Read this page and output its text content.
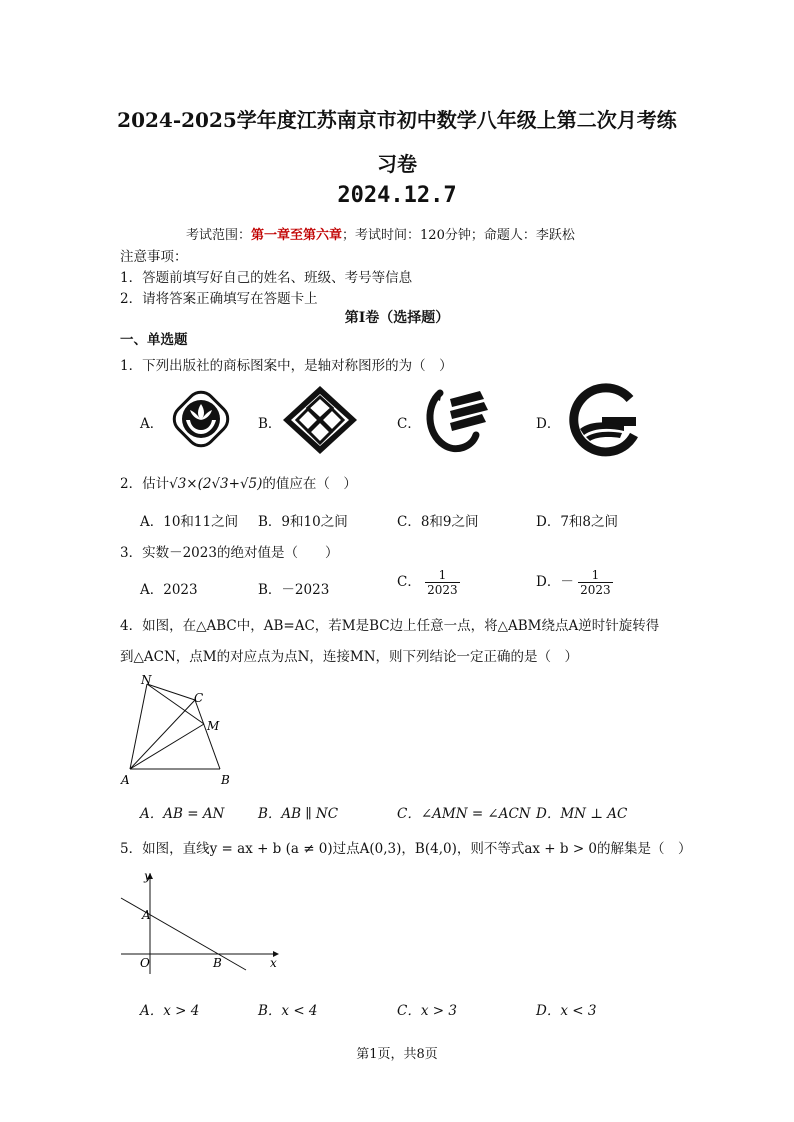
2024-2025学年度江苏南京市初中数学八年级上第二次月考练
习卷
2024.12.7
考试范围：第一章至第六章；考试时间：120分钟；命题人：李跃松
注意事项：
1．答题前填写好自己的姓名、班级、考号等信息
2．请将答案正确填写在答题卡上
第I卷（选择题）
一、单选题
1．下列出版社的商标图案中，是轴对称图形的为（　）
A．	B．	C．	D．
2．估计√3×(2√3+√5)的值应在（　）
A．10和11之间 B．9和10之间	C．8和9之间	D．7和8之间
3．实数－2023的绝对值是（　　）
A．2023	B．－2023	C． $\frac{1}{2023}$	D．－ $\frac{1}{2023}$
4．如图，在△ABC中，AB=AC，若M是BC边上任意一点，将△ABM绕点A逆时针旋转得
到△ACN，点M的对应点为点N，连接MN，则下列结论一定正确的是（　）
N
C
M
A	B
A．AB = AN B．AB ∥ NC	C．∠AMN = ∠ACN D．MN ⊥ AC
5．如图，直线y = ax + b (a ≠ 0)过点A(0,3)，B(4,0)，则不等式ax + b > 0的解集是（　）
y
A
O	B	x
A．x > 4	B．x < 4	C．x > 3	D．x < 3
第1页，共8页
